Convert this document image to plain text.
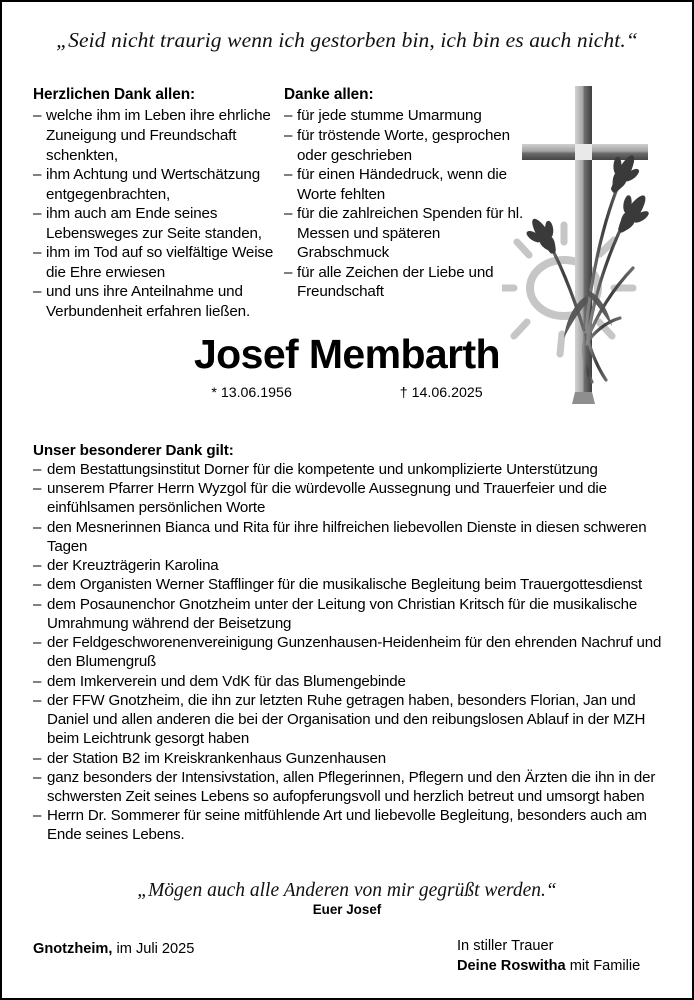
„Seid nicht traurig wenn ich gestorben bin, ich bin es auch nicht.“
Herzlichen Dank allen:
– welche ihm im Leben ihre ehrliche Zuneigung und Freundschaft schenkten,
– ihm Achtung und Wertschätzung entgegenbrachten,
– ihm auch am Ende seines Lebensweges zur Seite standen,
– ihm im Tod auf so vielfältige Weise die Ehre erwiesen
– und uns ihre Anteilnahme und Verbundenheit erfahren ließen.
Danke allen:
– für jede stumme Umarmung
– für tröstende Worte, gesprochen oder geschrieben
– für einen Händedruck, wenn die Worte fehlten
– für die zahlreichen Spenden für hl. Messen und späteren Grabschmuck
– für alle Zeichen der Liebe und Freundschaft
Josef Membarth
* 13.06.1956	† 14.06.2025
Unser besonderer Dank gilt:
– dem Bestattungsinstitut Dorner für die kompetente und unkomplizierte Unterstützung
– unserem Pfarrer Herrn Wyzgol für die würdevolle Aussegnung und Trauerfeier und die einfühlsamen persönlichen Worte
– den Mesnerinnen Bianca und Rita für ihre hilfreichen liebevollen Dienste in diesen schweren Tagen
– der Kreuzträgerin Karolina
– dem Organisten Werner Stafflinger für die musikalische Begleitung beim Trauergottesdienst
– dem Posaunenchor Gnotzheim unter der Leitung von Christian Kritsch für die musikalische Umrahmung während der Beisetzung
– der Feldgeschworenenvereinigung Gunzenhausen-Heidenheim für den ehrenden Nachruf und den Blumengruß
– dem Imkerverein und dem VdK für das Blumengebinde
– der FFW Gnotzheim, die ihn zur letzten Ruhe getragen haben, besonders Florian, Jan und Daniel und allen anderen die bei der Organisation und den reibungslosen Ablauf in der MZH beim Leichtrunk gesorgt haben
– der Station B2 im Kreiskrankenhaus Gunzenhausen
– ganz besonders der Intensivstation, allen Pflegerinnen, Pflegern und den Ärzten die ihn in der schwersten Zeit seines Lebens so aufopferungsvoll und herzlich betreut und umsorgt haben
– Herrn Dr. Sommerer für seine mitfühlende Art und liebevolle Begleitung, besonders auch am Ende seines Lebens.
„Mögen auch alle Anderen von mir gegrüßt werden.“
Euer Josef
Gnotzheim, im Juli 2025	In stiller Trauer
Deine Roswitha mit Familie
